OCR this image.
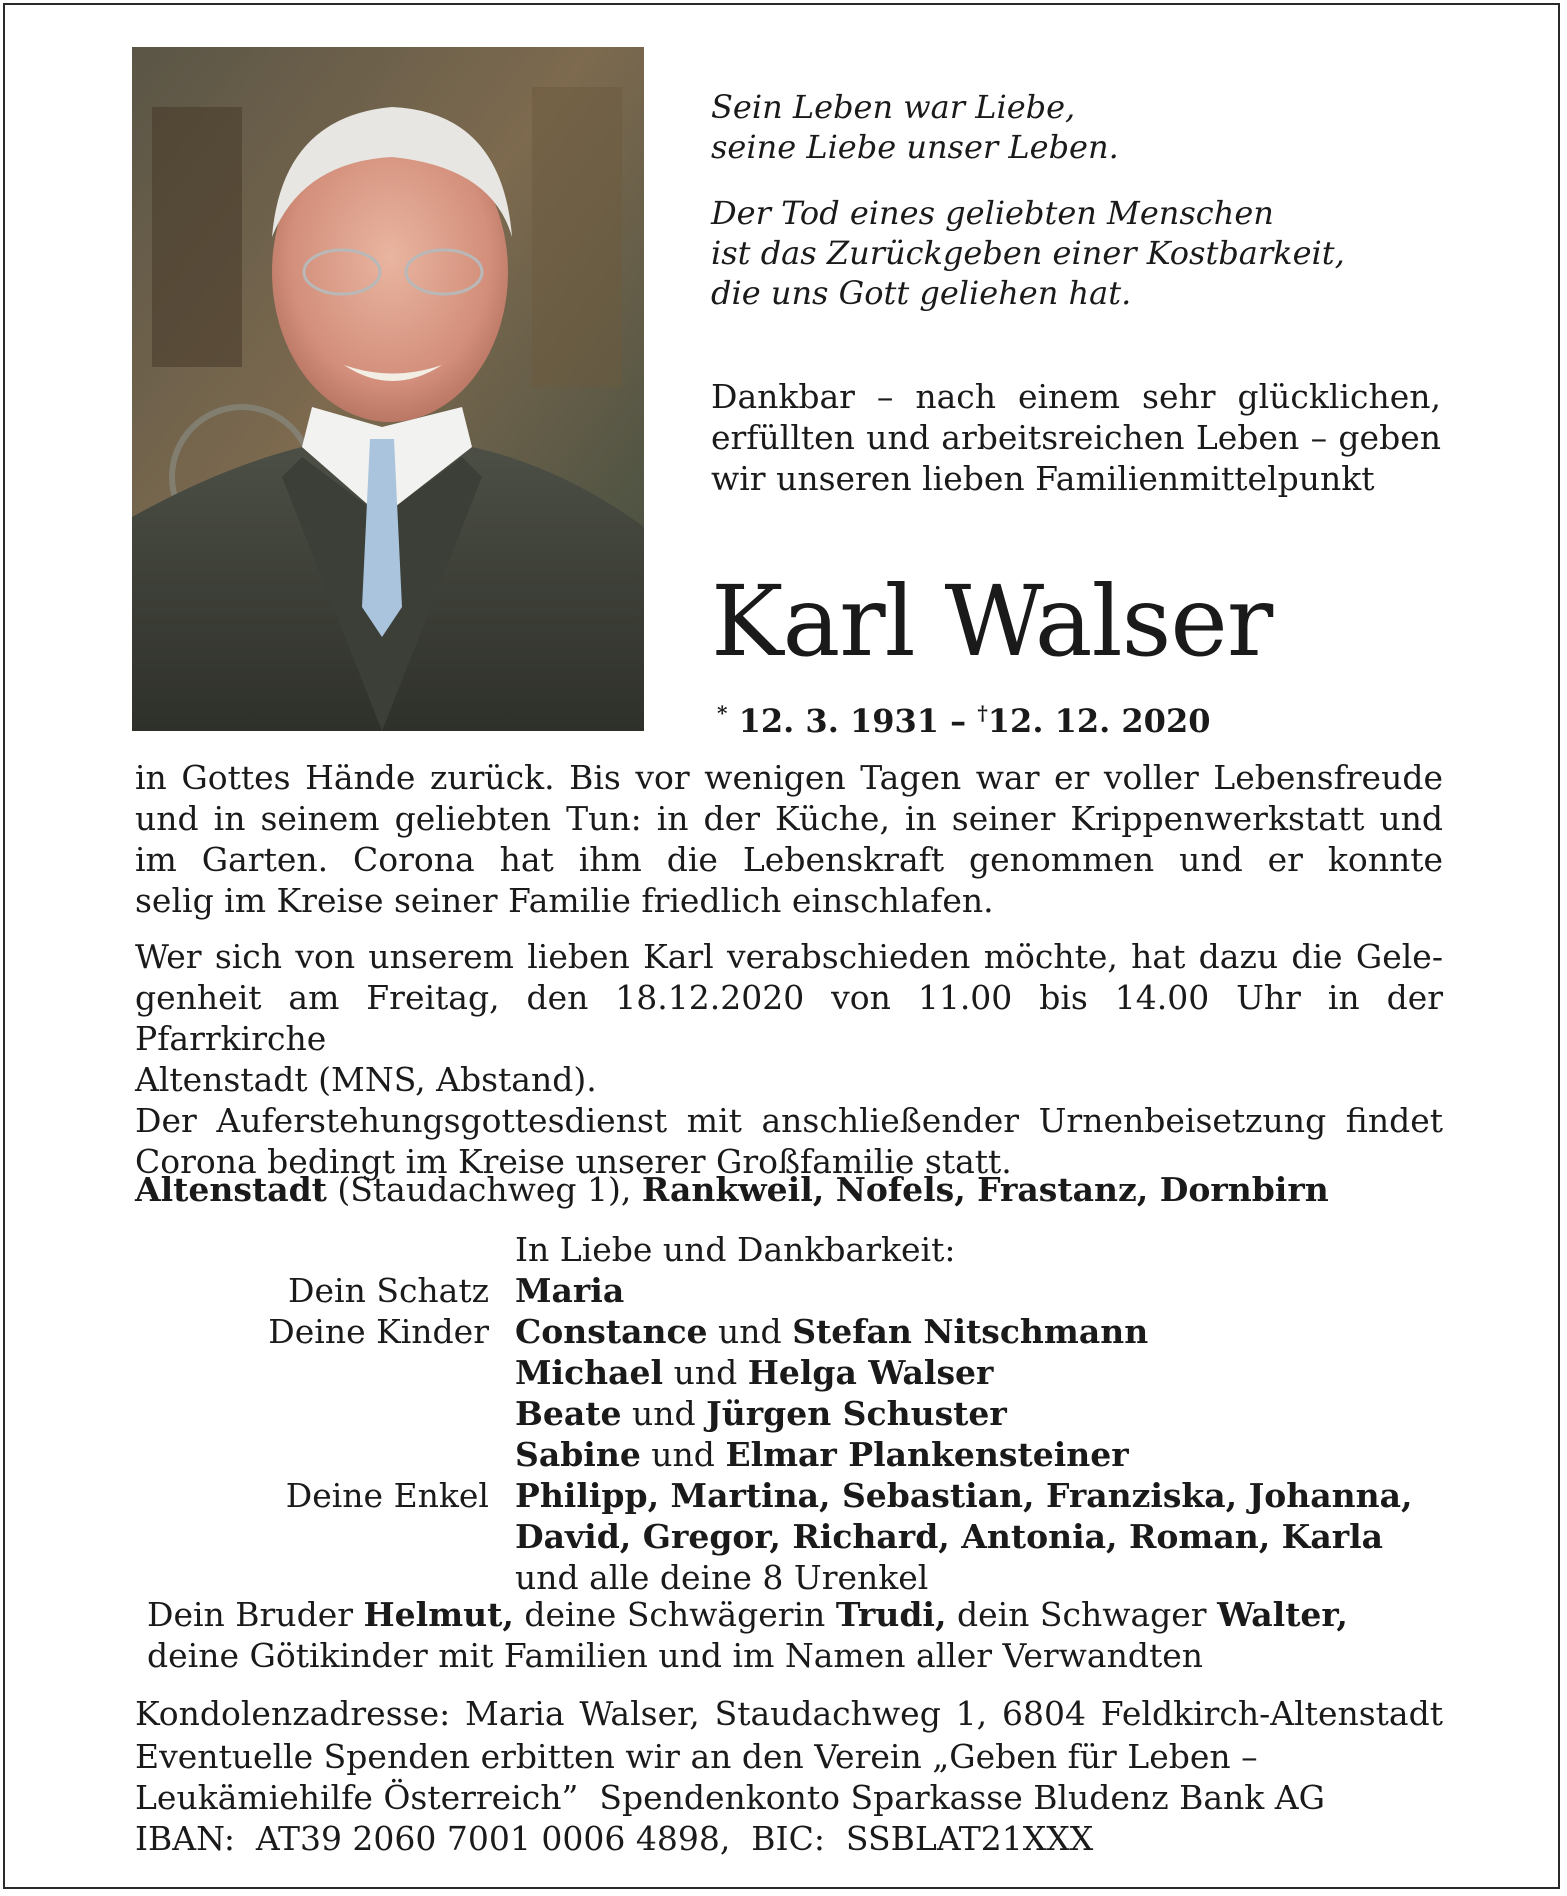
Sein Leben war Liebe,
seine Liebe unser Leben.
Der Tod eines geliebten Menschen
ist das Zurückgeben einer Kostbarkeit,
die uns Gott geliehen hat.
Dankbar – nach einem sehr glücklichen,
erfüllten und arbeitsreichen Leben – geben
wir unseren lieben Familienmittelpunkt
Karl Walser
* 12. 3. 1931 – †12. 12. 2020
in Gottes Hände zurück. Bis vor wenigen Tagen war er voller Lebensfreude
und in seinem geliebten Tun: in der Küche, in seiner Krippenwerkstatt und
im Garten. Corona hat ihm die Lebenskraft genommen und er konnte
selig im Kreise seiner Familie friedlich einschlafen.
Wer sich von unserem lieben Karl verabschieden möchte, hat dazu die Gele-
genheit am Freitag, den 18.12.2020 von 11.00 bis 14.00 Uhr in der Pfarrkirche
Altenstadt (MNS, Abstand).
Der Auferstehungsgottesdienst mit anschließender Urnenbeisetzung findet
Corona bedingt im Kreise unserer Großfamilie statt.
Altenstadt (Staudachweg 1), Rankweil, Nofels, Frastanz, Dornbirn
In Liebe und Dankbarkeit:
Dein Schatz Maria
Deine Kinder Constance und Stefan Nitschmann
Michael und Helga Walser
Beate und Jürgen Schuster
Sabine und Elmar Plankensteiner
Deine Enkel Philipp, Martina, Sebastian, Franziska, Johanna,
David, Gregor, Richard, Antonia, Roman, Karla
und alle deine 8 Urenkel
Dein Bruder Helmut, deine Schwägerin Trudi, dein Schwager Walter,
deine Götikinder mit Familien und im Namen aller Verwandten
Kondolenzadresse: Maria Walser, Staudachweg 1, 6804 Feldkirch-Altenstadt
Eventuelle Spenden erbitten wir an den Verein „Geben für Leben –
Leukämiehilfe Österreich”  Spendenkonto Sparkasse Bludenz Bank AG
IBAN:  AT39 2060 7001 0006 4898,  BIC:  SSBLAT21XXX
